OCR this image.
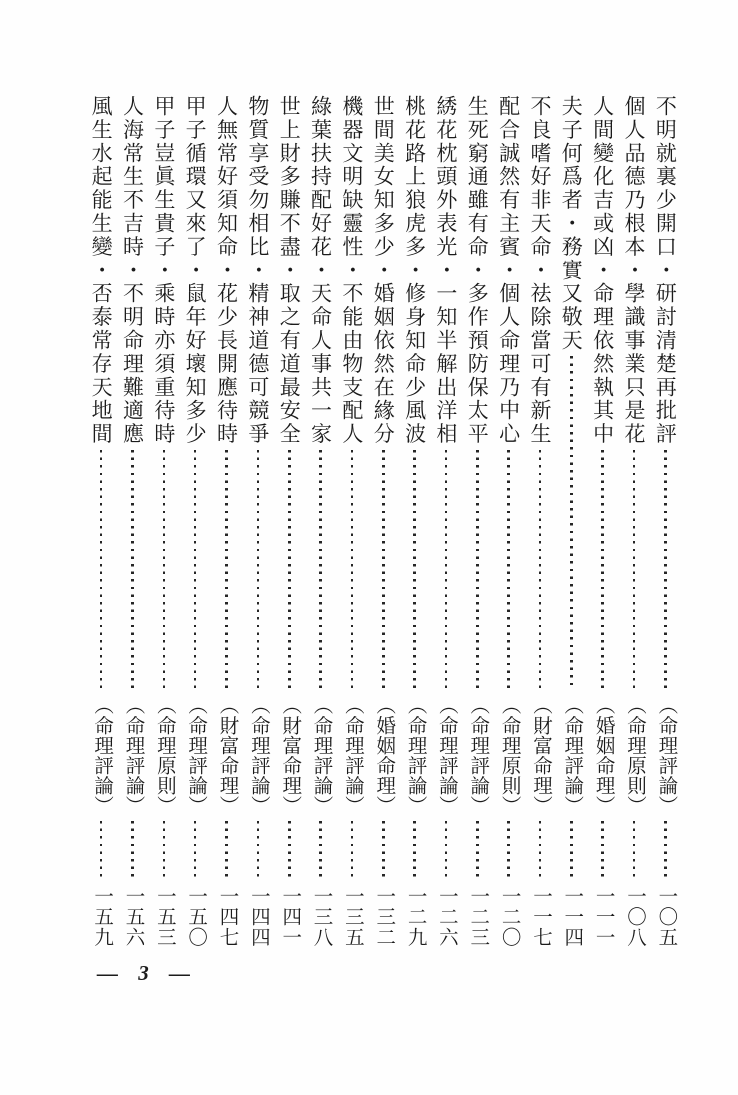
不明就裏少開口・研討清楚再批評
（命理評論）
一〇五
個人品德乃根本・學識事業只是花
（命理原則）
一〇八
人間變化吉或凶・命理依然執其中
（婚姻命理）
一一一
夫子何爲者・務實又敬天
（命理評論）
一一四
不良嗜好非天命・祛除當可有新生
（財富命理）
一一七
配合誠然有主賓・個人命理乃中心
（命理原則）
一二〇
生死窮通雖有命・多作預防保太平
（命理評論）
一二三
綉花枕頭外表光・一知半解出洋相
（命理評論）
一二六
桃花路上狼虎多・修身知命少風波
（命理評論）
一二九
世間美女知多少・婚姻依然在緣分
（婚姻命理）
一三二
機器文明缺靈性・不能由物支配人
（命理評論）
一三五
綠葉扶持配好花・天命人事共一家
（命理評論）
一三八
世上財多賺不盡・取之有道最安全
（財富命理）
一四一
物質享受勿相比・精神道德可競爭
（命理評論）
一四四
人無常好須知命・花少長開應待時
（財富命理）
一四七
甲子循環又來了・鼠年好壞知多少
（命理評論）
一五〇
甲子豈眞生貴子・乘時亦須重待時
（命理原則）
一五三
人海常生不吉時・不明命理難適應
（命理評論）
一五六
風生水起能生變・否泰常存天地間
（命理評論）
一五九
— 3 —
